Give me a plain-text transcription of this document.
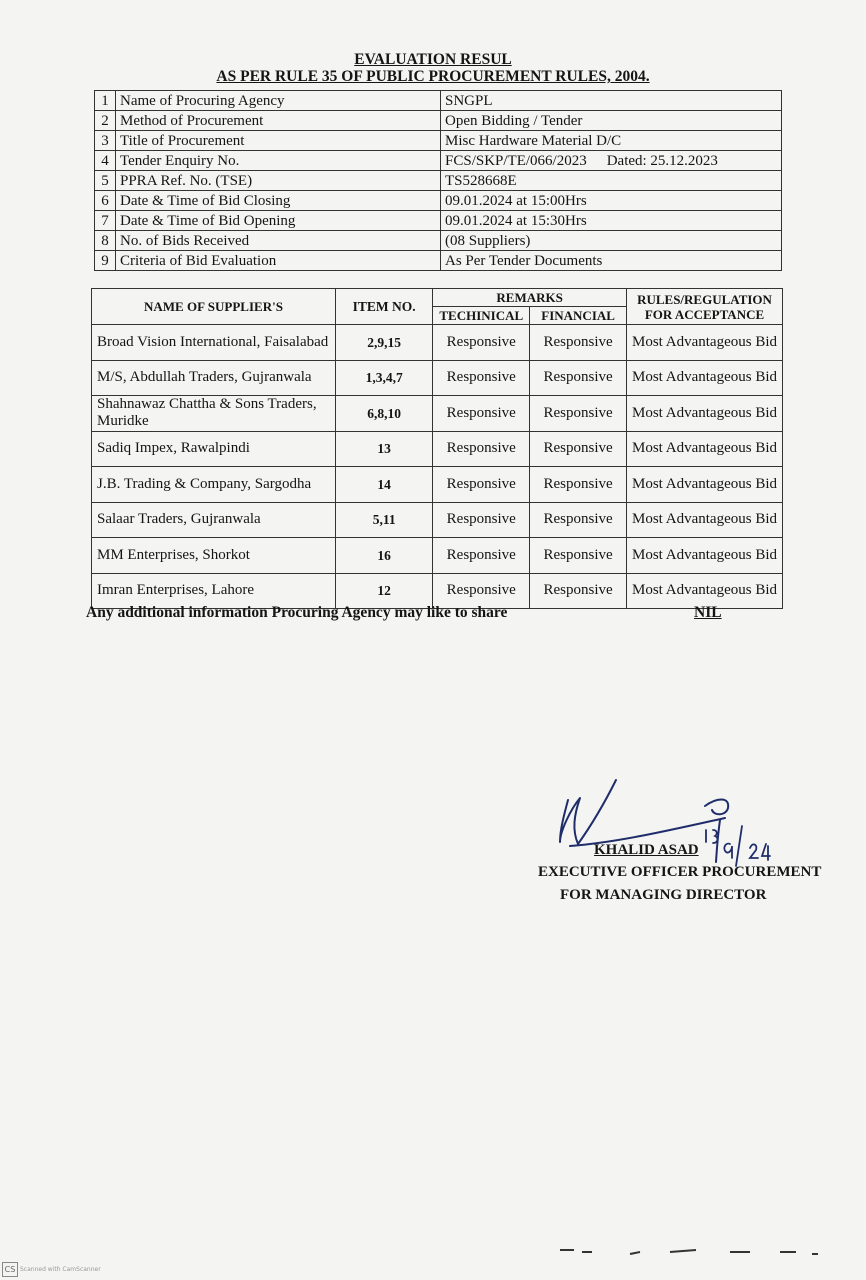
EVALUATION RESUL
AS PER RULE 35 OF PUBLIC PROCUREMENT RULES, 2004.
1	Name of Procuring Agency	SNGPL
2	Method of Procurement	Open Bidding / Tender
3	Title of Procurement	Misc Hardware Material D/C
4	Tender Enquiry No.	FCS/SKP/TE/066/2023 Dated: 25.12.2023
5	PPRA Ref. No. (TSE)	TS528668E
6	Date & Time of Bid Closing	09.01.2024 at 15:00Hrs
7	Date & Time of Bid Opening	09.01.2024 at 15:30Hrs
8	No. of Bids Received	(08 Suppliers)
9	Criteria of Bid Evaluation	As Per Tender Documents
NAME OF SUPPLIER'S	ITEM NO.	REMARKS		RULES/REGULATION FOR ACCEPTANCE
		TECHINICAL	FINANCIAL	
Broad Vision International, Faisalabad	2,9,15	Responsive	Responsive	Most Advantageous Bid
M/S, Abdullah Traders, Gujranwala	1,3,4,7	Responsive	Responsive	Most Advantageous Bid
Shahnawaz Chattha & Sons Traders, Muridke	6,8,10	Responsive	Responsive	Most Advantageous Bid
Sadiq Impex, Rawalpindi	13	Responsive	Responsive	Most Advantageous Bid
J.B. Trading & Company, Sargodha	14	Responsive	Responsive	Most Advantageous Bid
Salaar Traders, Gujranwala	5,11	Responsive	Responsive	Most Advantageous Bid
MM Enterprises, Shorkot	16	Responsive	Responsive	Most Advantageous Bid
Imran Enterprises, Lahore	12	Responsive	Responsive	Most Advantageous Bid
Any additional information Procuring Agency may like to share	NIL
KHALID ASAD
EXECUTIVE OFFICER PROCUREMENT
FOR MANAGING DIRECTOR
CS Scanned with CamScanner
